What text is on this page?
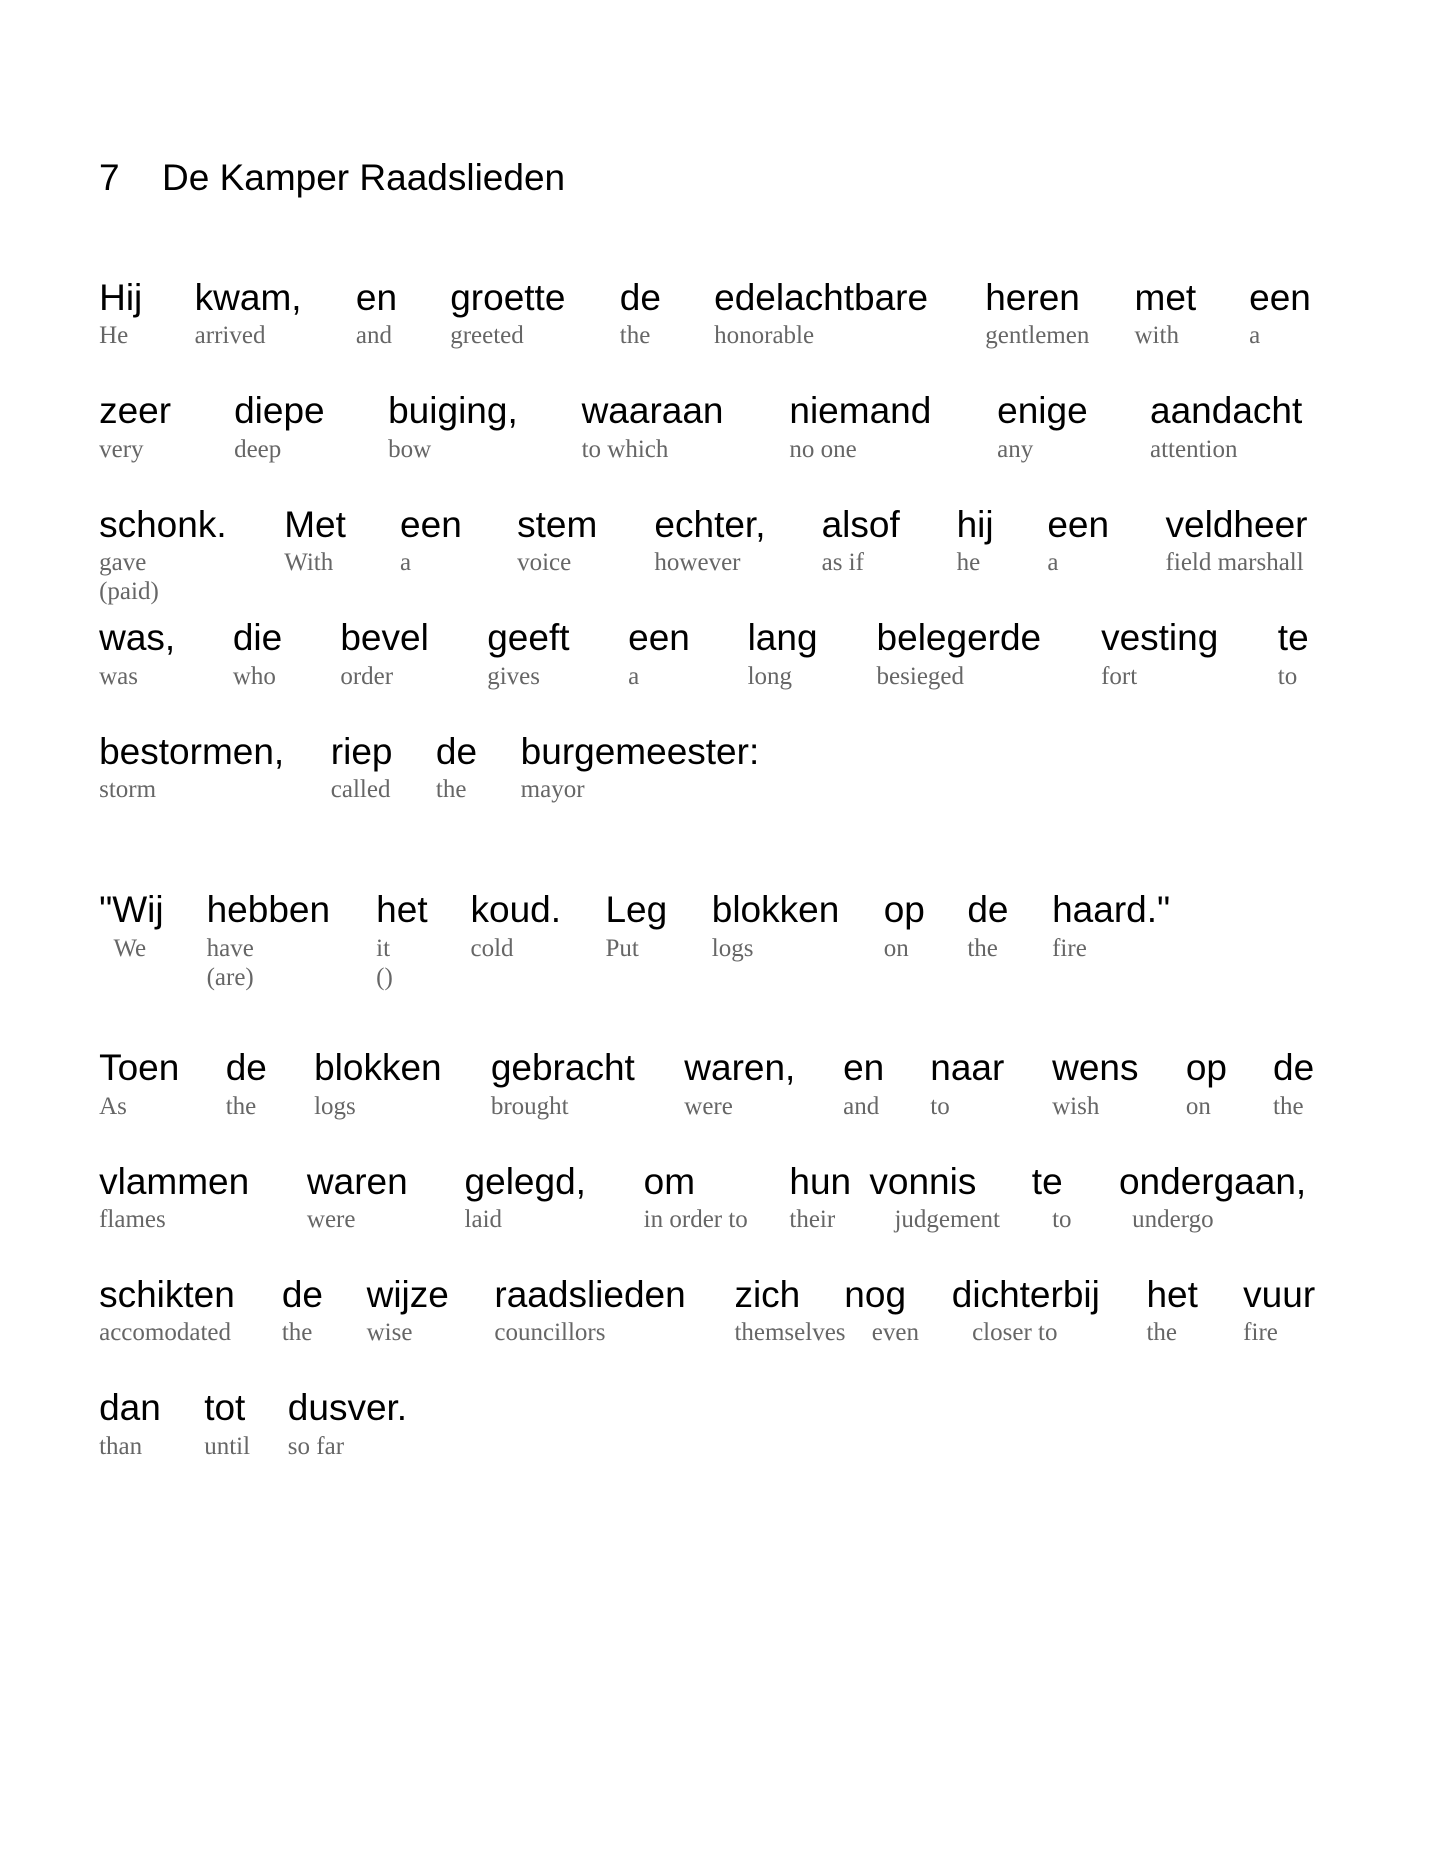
7 De Kamper Raadslieden
Hij
He
kwam,
arrived
en
and
groette
greeted
de
the
edelachtbare
honorable
heren
gentlemen
met
with
een
a
zeer
very
diepe
deep
buiging,
bow
waaraan
to which
niemand
no one
enige
any
aandacht
attention
schonk.
gave
(paid)
Met
With
een
a
stem
voice
echter,
however
alsof
as if
hij
he
een
a
veldheer
field marshall
was,
was
die
who
bevel
order
geeft
gives
een
a
lang
long
belegerde
besieged
vesting
fort
te
to
bestormen,
storm
riep
called
de
the
burgemeester:
mayor
"Wij
We
hebben
have
(are)
het
it
()
koud.
cold
Leg
Put
blokken
logs
op
on
de
the
haard."
fire
Toen
As
de
the
blokken
logs
gebracht
brought
waren,
were
en
and
naar
to
wens
wish
op
on
de
the
vlammen
flames
waren
were
gelegd,
laid
om
in order to
hun
their
vonnis
judgement
te
to
ondergaan,
undergo
schikten
accomodated
de
the
wijze
wise
raadslieden
councillors
zich
themselves
nog
even
dichterbij
closer to
het
the
vuur
fire
dan
than
tot
until
dusver.
so far
